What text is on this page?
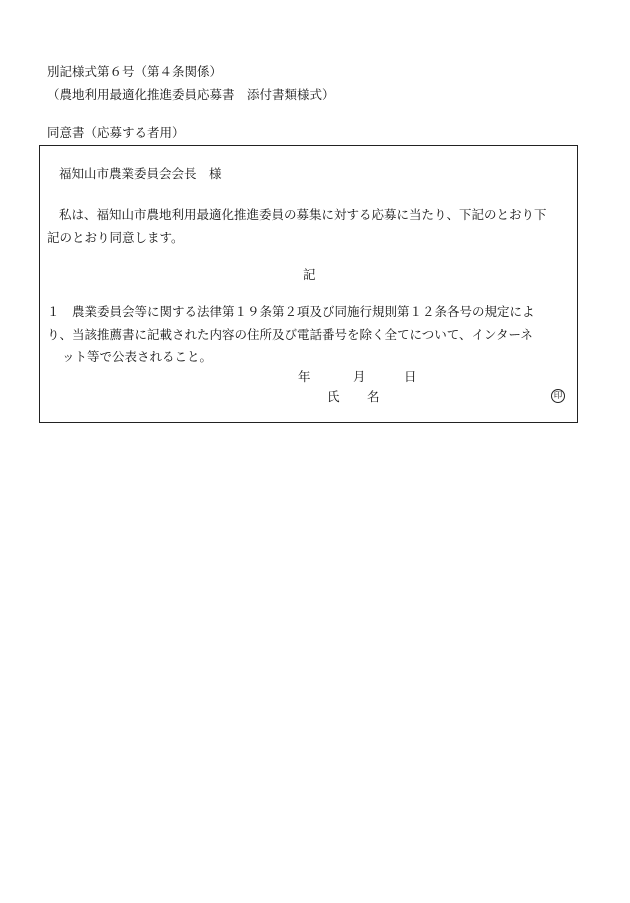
別記様式第６号（第４条関係）

（農地利用最適化推進委員応募書　添付書類様式）

同意書（応募する者用）

福知山市農業委員会会長　様
私は、福知山市農地利用最適化推進委員の募集に対する応募に当たり、下記のとおり下
記のとおり同意します。
記
１　農業委員会等に関する法律第１９条第２項及び同施行規則第１２条各号の規定によ
り、当該推薦書に記載された内容の住所及び電話番号を除く全てについて、インターネ
ット等で公表されること。
年	月	日
氏 名	印
